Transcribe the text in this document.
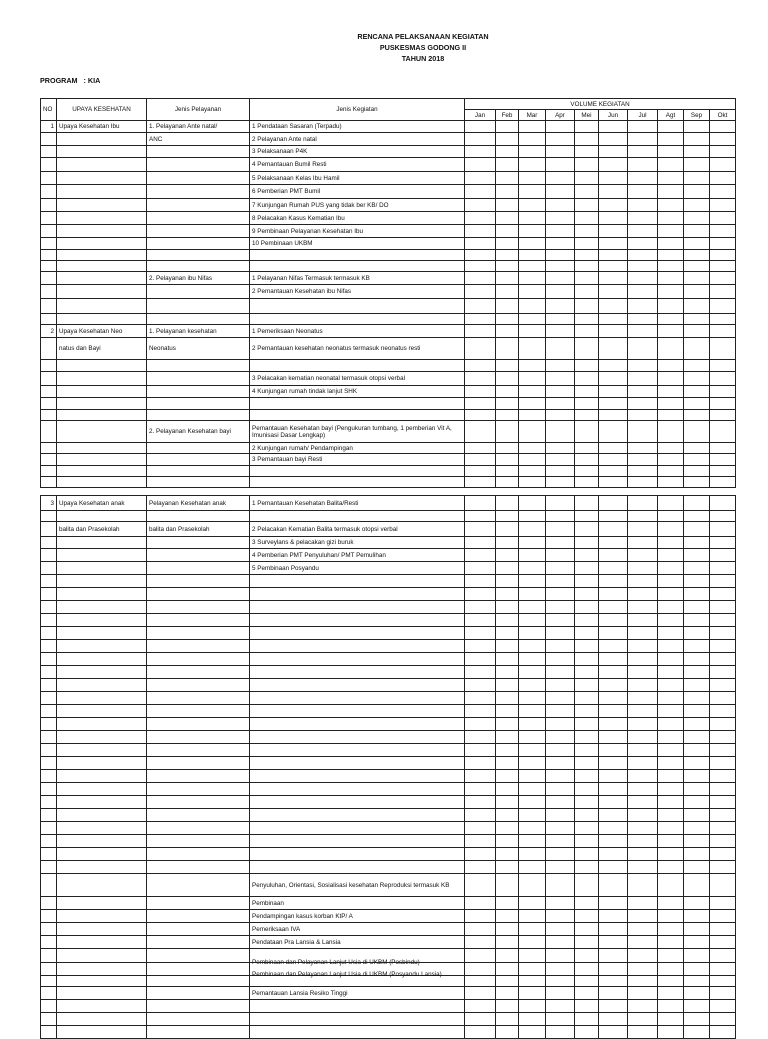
RENCANA PELAKSANAAN KEGIATAN
PUSKESMAS GODONG II
TAHUN 2018
PROGRAM : KIA
NO	UPAYA KESEHATAN	Jenis Pelayanan	Jenis Kegiatan	VOLUME KEGIATAN									
				Jan	Feb	Mar	Apr	Mei	Jun	Jul	Agt	Sep	Okt
1	Upaya Kesehatan Ibu	1. Pelayanan Ante natal/	1 Pendataan Sasaran (Terpadu)										
		ANC	2 Pelayanan Ante natal										
			3 Pelaksanaan P4K										
			4 Pemantauan Bumil Resti										
			5 Pelaksanaan Kelas Ibu Hamil										
			6 Pemberian PMT Bumil										
			7 Kunjungan Rumah PUS yang tidak ber KB/ DO										
			8 Pelacakan Kasus Kematian Ibu										
			9 Pembinaan Pelayanan Kesehatan Ibu										
			10 Pembinaan UKBM										

		2. Pelayanan ibu Nifas	1 Pelayanan Nifas Termasuk termasuk KB										
			2 Pemantauan Kesehatan ibu Nifas										

2	Upaya Kesehatan Neo	1. Pelayanan kesehatan	1 Pemeriksaan Neonatus										
	natus dan Bayi	Neonatus	2 Pemantauan kesehatan neonatus termasuk neonatus resti										

			3 Pelacakan kematian neonatal termasuk otopsi verbal										
			4 Kunjungan rumah tindak lanjut SHK										

		2. Pelayanan Kesehatan bayi	Pemantauan Kesehatan bayi (Pengukuran tumbang, 1 pemberian Vit A, Imunisasi Dasar Lengkap)										
			2 Kunjungan rumah/ Pendampingan										
			3 Pemantauan bayi Resti										

3	Upaya Kesehatan anak	Pelayanan Kesehatan anak	1 Pemantauan Kesehatan Balita/Resti										

	balita dan Prasekolah	balita dan Prasekolah	2 Pelacakan Kematian Balita termasuk otopsi verbal										
			3 Surveylans & pelacakan gizi buruk										
			4 Pemberian PMT Penyuluhan/ PMT Pemulihan										
			5 Pembinaan Posyandu										

			Penyuluhan, Orientasi, Sosialisasi kesehatan Reproduksi termasuk KB										
			Pembinaan										
			Pendampingan kasus korban KtP/ A										
			Pemeriksaan IVA										
			Pendataan Pra Lansia & Lansia										
			Pembinaan dan Pelayanan Lanjut Usia di UKBM (Posbindu)										
			Pembinaan dan Pelayanan Lanjut Usia di UKBM (Posyandu Lansia)										
			Pemantauan Lansia Resiko Tinggi										
